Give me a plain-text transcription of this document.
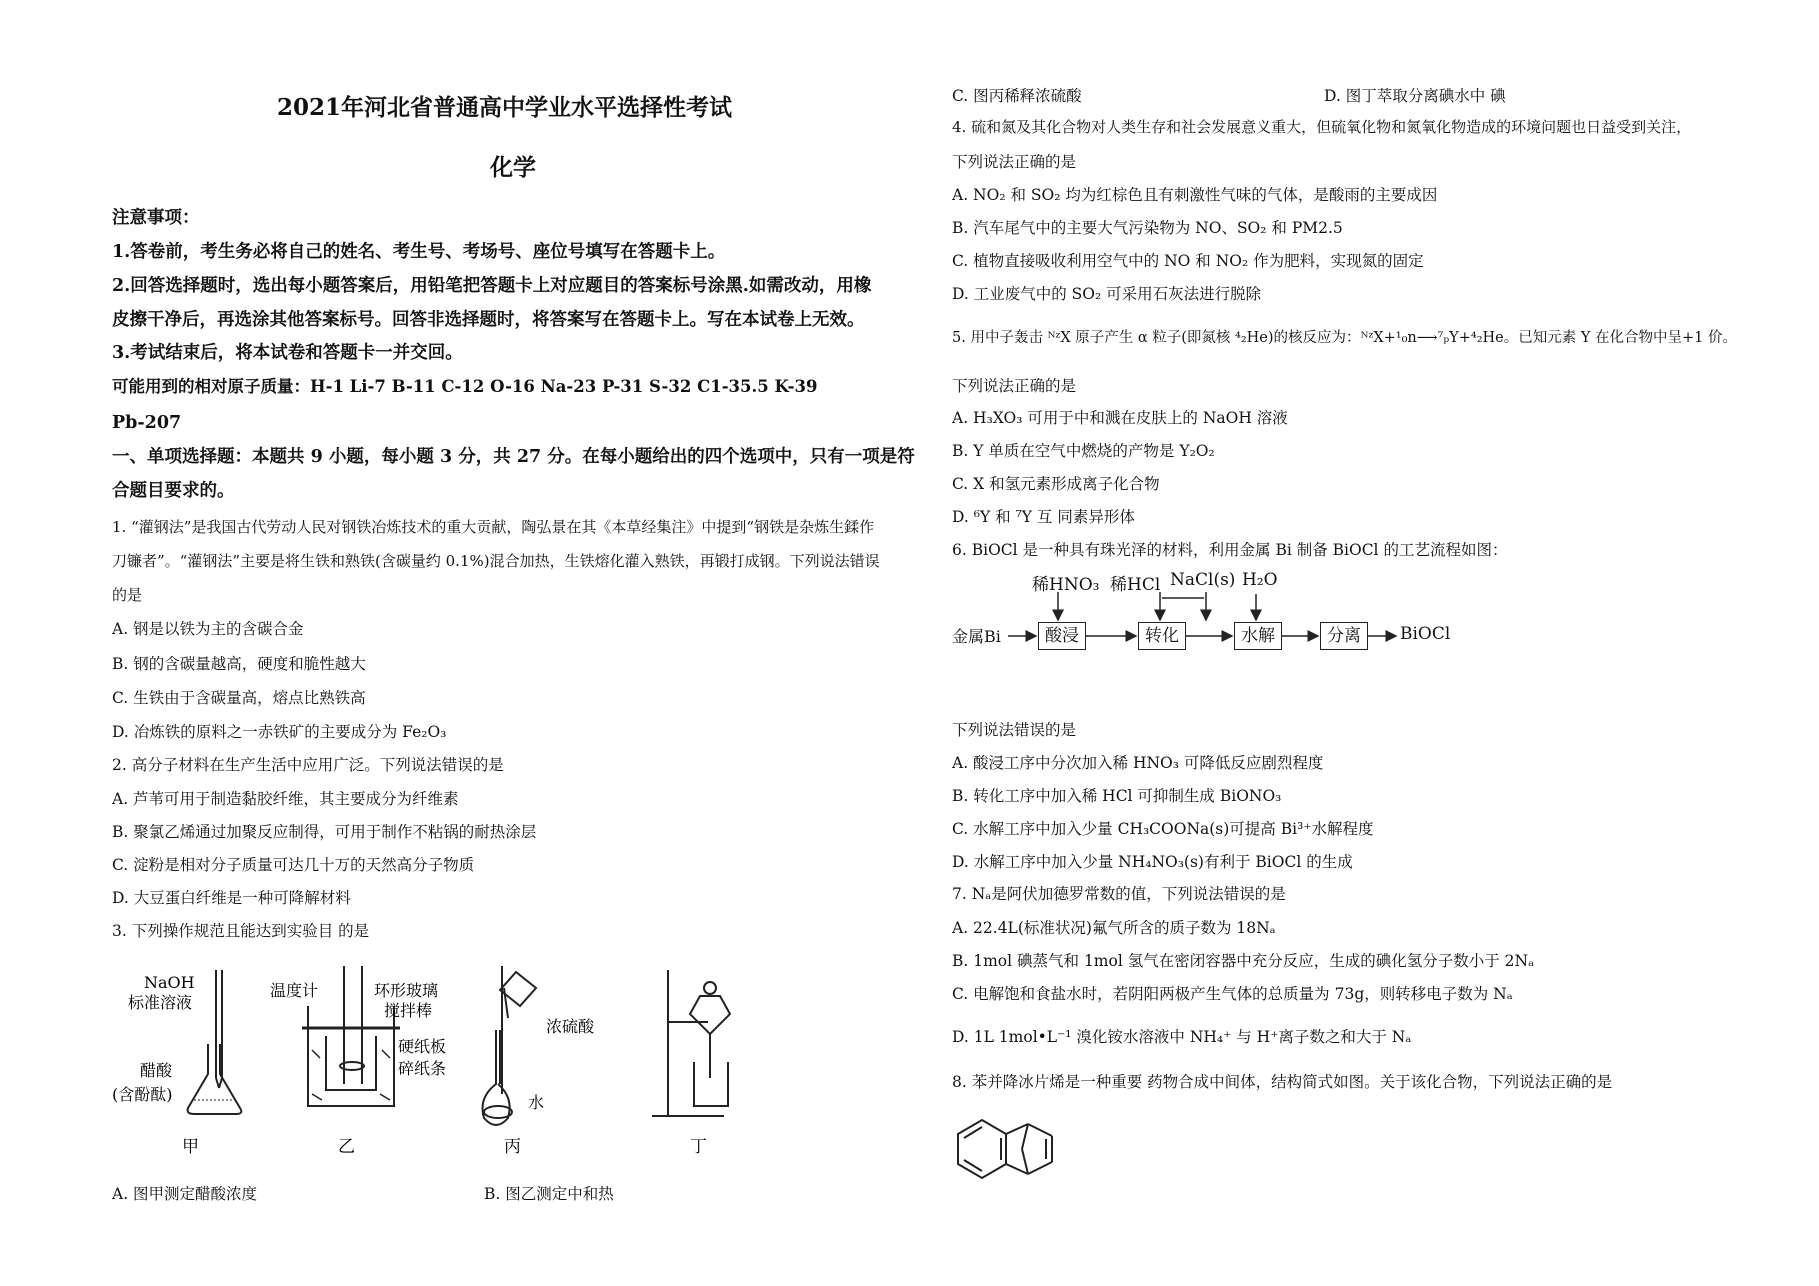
2021年河北省普通高中学业水平选择性考试
化学
注意事项：
1.答卷前，考生务必将自己的姓名、考生号、考场号、座位号填写在答题卡上。
2.回答选择题时，选出每小题答案后，用铅笔把答题卡上对应题目的答案标号涂黑.如需改动，用橡
皮擦干净后，再选涂其他答案标号。回答非选择题时，将答案写在答题卡上。写在本试卷上无效。
3.考试结束后，将本试卷和答题卡一并交回。
可能用到的相对原子质量：H-1 Li-7 B-11 C-12 O-16 Na-23 P-31 S-32 C1-35.5 K-39
Pb-207
一、单项选择题：本题共 9 小题，每小题 3 分，共 27 分。在每小题给出的四个选项中，只有一项是符
合题目要求的。
1. “灌钢法”是我国古代劳动人民对钢铁冶炼技术的重大贡献，陶弘景在其《本草经集注》中提到“钢铁是杂炼生鍒作
刀镰者”。“灌钢法”主要是将生铁和熟铁(含碳量约 0.1%)混合加热，生铁熔化灌入熟铁，再锻打成钢。下列说法错误
的是
A. 钢是以铁为主的含碳合金
B. 钢的含碳量越高，硬度和脆性越大
C. 生铁由于含碳量高，熔点比熟铁高
D. 冶炼铁的原料之一赤铁矿的主要成分为 Fe₂O₃
2. 高分子材料在生产生活中应用广泛。下列说法错误的是
A. 芦苇可用于制造黏胶纤维，其主要成分为纤维素
B. 聚氯乙烯通过加聚反应制得，可用于制作不粘锅的耐热涂层
C. 淀粉是相对分子质量可达几十万的天然高分子物质
D. 大豆蛋白纤维是一种可降解材料
3. 下列操作规范且能达到实验目 的是
NaOH
标准溶液
醋酸
(含酚酞)
温度计	环形玻璃
搅拌棒
硬纸板
碎纸条
浓硫酸
水
甲	乙	丙	丁
A. 图甲测定醋酸浓度	B. 图乙测定中和热
C. 图丙稀释浓硫酸	D. 图丁萃取分离碘水中 碘
4. 硫和氮及其化合物对人类生存和社会发展意义重大，但硫氧化物和氮氧化物造成的环境问题也日益受到关注，
下列说法正确的是
A. NO₂ 和 SO₂ 均为红棕色且有刺激性气味的气体，是酸雨的主要成因
B. 汽车尾气中的主要大气污染物为 NO、SO₂ 和 PM2.5
C. 植物直接吸收利用空气中的 NO 和 NO₂ 作为肥料，实现氮的固定
D. 工业废气中的 SO₂ 可采用石灰法进行脱除
5. 用中子轰击 ᴺᶻX 原子产生 α 粒子(即氮核 ⁴₂He)的核反应为：ᴺᶻX+¹₀n⟶⁷ₚY+⁴₂He。已知元素 Y 在化合物中呈+1 价。
下列说法正确的是
A. H₃XO₃ 可用于中和溅在皮肤上的 NaOH 溶液
B. Y 单质在空气中燃烧的产物是 Y₂O₂
C. X 和氢元素形成离子化合物
D. ⁶Y 和 ⁷Y 互 同素异形体
6. BiOCl 是一种具有珠光泽的材料，利用金属 Bi 制备 BiOCl 的工艺流程如图：
稀HNO₃ 稀HCl NaCl(s) H₂O
金属Bi	酸浸	转化	水解	分离	BiOCl
下列说法错误的是
A. 酸浸工序中分次加入稀 HNO₃ 可降低反应剧烈程度
B. 转化工序中加入稀 HCl 可抑制生成 BiONO₃
C. 水解工序中加入少量 CH₃COONa(s)可提高 Bi³⁺水解程度
D. 水解工序中加入少量 NH₄NO₃(s)有利于 BiOCl 的生成
7. Nₐ是阿伏加德罗常数的值，下列说法错误的是
A. 22.4L(标准状况)氟气所含的质子数为 18Nₐ
B. 1mol 碘蒸气和 1mol 氢气在密闭容器中充分反应，生成的碘化氢分子数小于 2Nₐ
C. 电解饱和食盐水时，若阴阳两极产生气体的总质量为 73g，则转移电子数为 Nₐ
D. 1L 1mol•L⁻¹ 溴化铵水溶液中 NH₄⁺ 与 H⁺离子数之和大于 Nₐ
8. 苯并降冰片烯是一种重要 药物合成中间体，结构简式如图。关于该化合物，下列说法正确的是
